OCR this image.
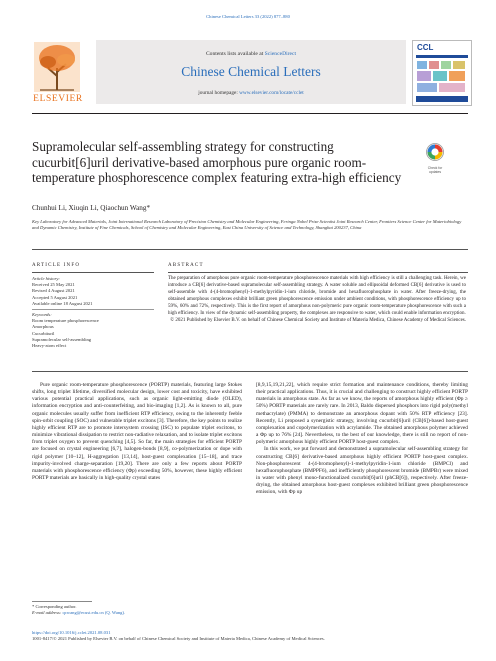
Chinese Chemical Letters 33 (2022) 877–880
ELSEVIER
Contents lists available at ScienceDirect
Chinese Chemical Letters
journal homepage: www.elsevier.com/locate/cclet
CCL
Supramolecular self-assembling strategy for constructing cucurbit[6]uril derivative-based amorphous pure organic room-temperature phosphorescence complex featuring extra-high efficiency
Check for updates
Chunhui Li, Xiuqin Li, Qiaochun Wang*
Key Laboratory for Advanced Materials, Joint International Research Laboratory of Precision Chemistry and Molecular Engineering, Feringa Nobel Prize Scientist Joint Research Center, Frontiers Science Center for Materiobiology and Dynamic Chemistry, Institute of Fine Chemicals, School of Chemistry and Molecular Engineering, East China University of Science and Technology, Shanghai 200237, China
ARTICLE INFO	ABSTRACT
Article history:
Received 25 May 2021
Revised 4 August 2021
Accepted 5 August 2021
Available online 18 August 2021
Keywords:
Room temperature phosphorescence
Amorphous
Cucurbituril
Supramolecular self-assembling
Heavy-atom effect
The preparation of amorphous pure organic room-temperature phosphorescence materials with high efficiency is still a challenging task. Herein, we introduce a CB[6] derivative-based supramolecular self-assembling strategy. A water soluble and ellipsoidal deformed CB[6] derivative is used to self-assemble with 4-(4-bromophenyl)-1-methylpyridin-1-ium chloride, bromide and hexafluorophosphate in water. After freeze-drying, the obtained amorphous complexes exhibit brilliant green phosphorescence emission under ambient conditions, with phosphorescence efficiency up to 59%, 60% and 72%, respectively. This is the first report of amorphous non-polymeric pure organic room-temperature phosphorescence with such a high efficiency. In view of the dynamic self-assembling property, the complexes are responsive to water, which could enable information encryption.
© 2021 Published by Elsevier B.V. on behalf of Chinese Chemical Society and Institute of Materia Medica, Chinese Academy of Medical Sciences.

Pure organic room-temperature phosphorescence (PORTP) materials, featuring large Stokes shifts, long triplet lifetime, diversified molecular design, lower cost and toxicity, have exhibited various potential practical applications, such as organic light-emitting diode (OLED), information encryption and anti-counterfeiting, and bio-imaging [1,2]. As is known to all, pure organic molecules usually suffer from inefficient RTP efficiency, owing to the inherently feeble spin-orbit coupling (SOC) and vulnerable triplet excitons [3]. Therefore, the key points to realize highly efficient RTP are to promote intersystem crossing (ISC) to populate triplet excitons, to minimize vibrational dissipation to restrict non-radiative relaxation, and to isolate triplet excitons from triplet oxygen to prevent quenching [4,5]. So far, the main strategies for efficient PORTP are focused on crystal engineering [6,7], halogen-bonds [8,9], co-polymerization or dope with rigid polymer [10–12], H-aggregation [13,14], host-guest complexation [15–18], and trace impurity-involved charge-separation [19,20]. There are only a few reports about PORTP materials with phosphorescence efficiency (Φp) exceeding 50%, however, these highly efficient PORTP materials are basically in high-quality crystal states

[8,9,15,19,21,22], which require strict formation and maintenance conditions, thereby limiting their practical applications. Thus, it is crucial and challenging to construct highly efficient PORTP materials in amorphous state. As far as we know, the reports of amorphous highly efficient (Φp ≥ 50%) PORTP materials are rarely rare. In 2013, Baldo dispersed phosphors into rigid poly(methyl methacrylate) (PMMA) to demonstrate an amorphous dopant with 50% RTP efficiency [23]. Recently, Li proposed a synergistic strategy, involving cucurbit[6]uril (CB[6])-based host-guest complexation and copolymerization with acrylamide. The obtained amorphous polymer achieved a Φp up to 76% [24]. Nevertheless, to the best of our knowledge, there is still no report of non-polymeric amorphous highly efficient PORTP host-guest complex.

In this work, we put forward and demonstrated a supramolecular self-assembling strategy for constructing CB[6] derivative-based amorphous highly efficient PORTP host-guest complex. Non-phosphorescent 4-(4-bromophenyl)-1-methylpyridin-1-ium chloride (BMPCl) and hexafluorophosphate (BMPPF6), and inefficiently phosphorescent bromide (BMPBr) were mixed in water with phenyl mono-functionalized cucurbit[6]uril (phCB[6]), respectively. After freeze-drying, the obtained amorphous host-guest complexes exhibited brilliant green phosphorescence emission, with Φp up

* Corresponding author.
E-mail address: qcwang@ecust.edu.cn (Q. Wang).
https://doi.org/10.1016/j.cclet.2021.08.031
1001-8417/© 2021 Published by Elsevier B.V. on behalf of Chinese Chemical Society and Institute of Materia Medica, Chinese Academy of Medical Sciences.
